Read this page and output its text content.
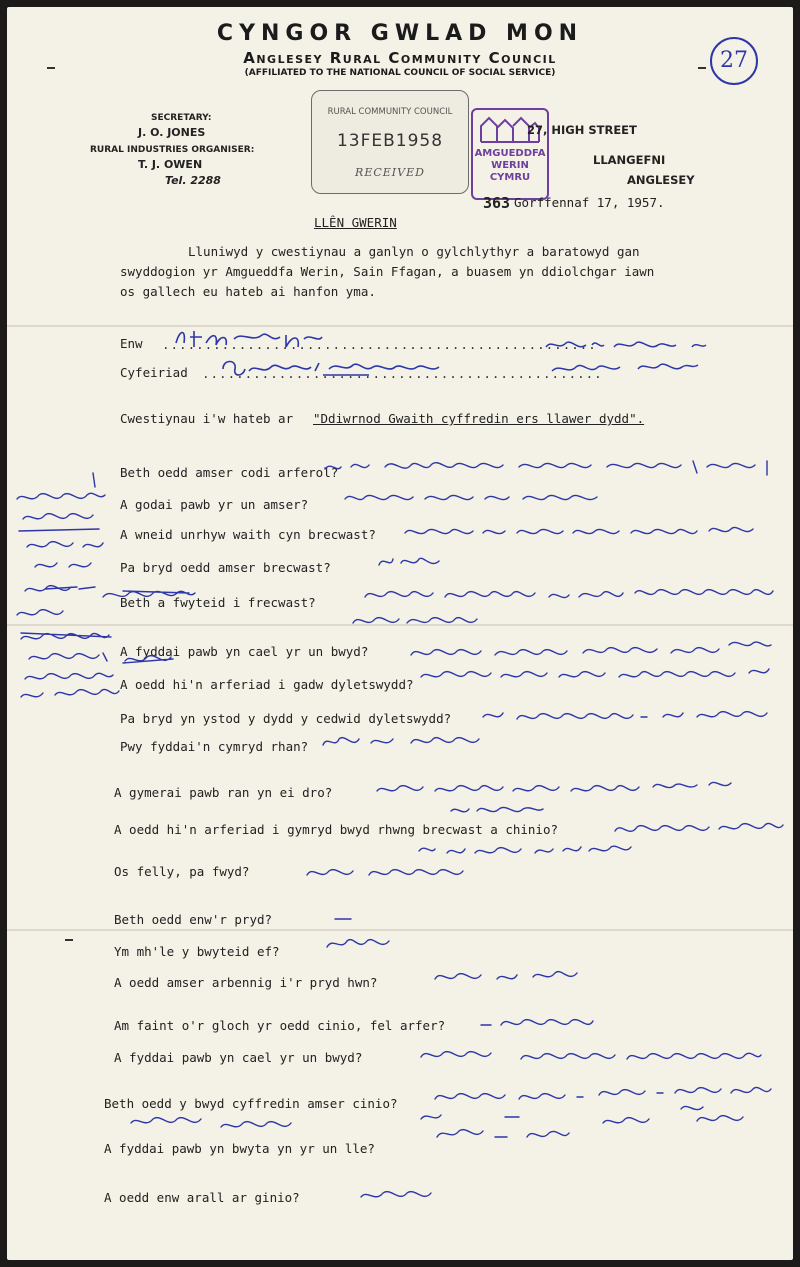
CYNGOR GWLAD MON
Anglesey Rural Community Council
(AFFILIATED TO THE NATIONAL COUNCIL OF SOCIAL SERVICE)	27
SECRETARY:
J. O. JONES
RURAL INDUSTRIES ORGANISER:
T. J. OWEN
Tel. 2288
RURAL COMMUNITY COUNCIL
13FEB1958
RECEIVED
AMGUEDDFA
WERIN
CYMRU
27, HIGH STREET
LLANGEFNI
ANGLESEY
363 Gorffennaf 17, 1957.
LLÊN GWERIN
Lluniwyd y cwestiynau a ganlyn o gylchlythyr a baratowyd gan
swyddogion yr Amgueddfa Werin, Sain Ffagan, a buasem yn ddiolchgar iawn
os gallech eu hateb ai hanfon yma.
Enw ...................................................
Cyfeiriad ...............................................
Cwestiynau i'w hateb ar "Ddiwrnod Gwaith cyffredin ers llawer dydd".
Beth oedd amser codi arferol?
A godai pawb yr un amser?
A wneid unrhyw waith cyn brecwast?
Pa bryd oedd amser brecwast?
Beth a fwyteid i frecwast?
A fyddai pawb yn cael yr un bwyd?
A oedd hi'n arferiad i gadw dyletswydd?
Pa bryd yn ystod y dydd y cedwid dyletswydd?
Pwy fyddai'n cymryd rhan?
A gymerai pawb ran yn ei dro?
A oedd hi'n arferiad i gymryd bwyd rhwng brecwast a chinio?
Os felly, pa fwyd?
Beth oedd enw'r pryd?
Ym mh'le y bwyteid ef?
A oedd amser arbennig i'r pryd hwn?
Am faint o'r gloch yr oedd cinio, fel arfer?
A fyddai pawb yn cael yr un bwyd?
Beth oedd y bwyd cyffredin amser cinio?
A fyddai pawb yn bwyta yn yr un lle?
A oedd enw arall ar ginio?
